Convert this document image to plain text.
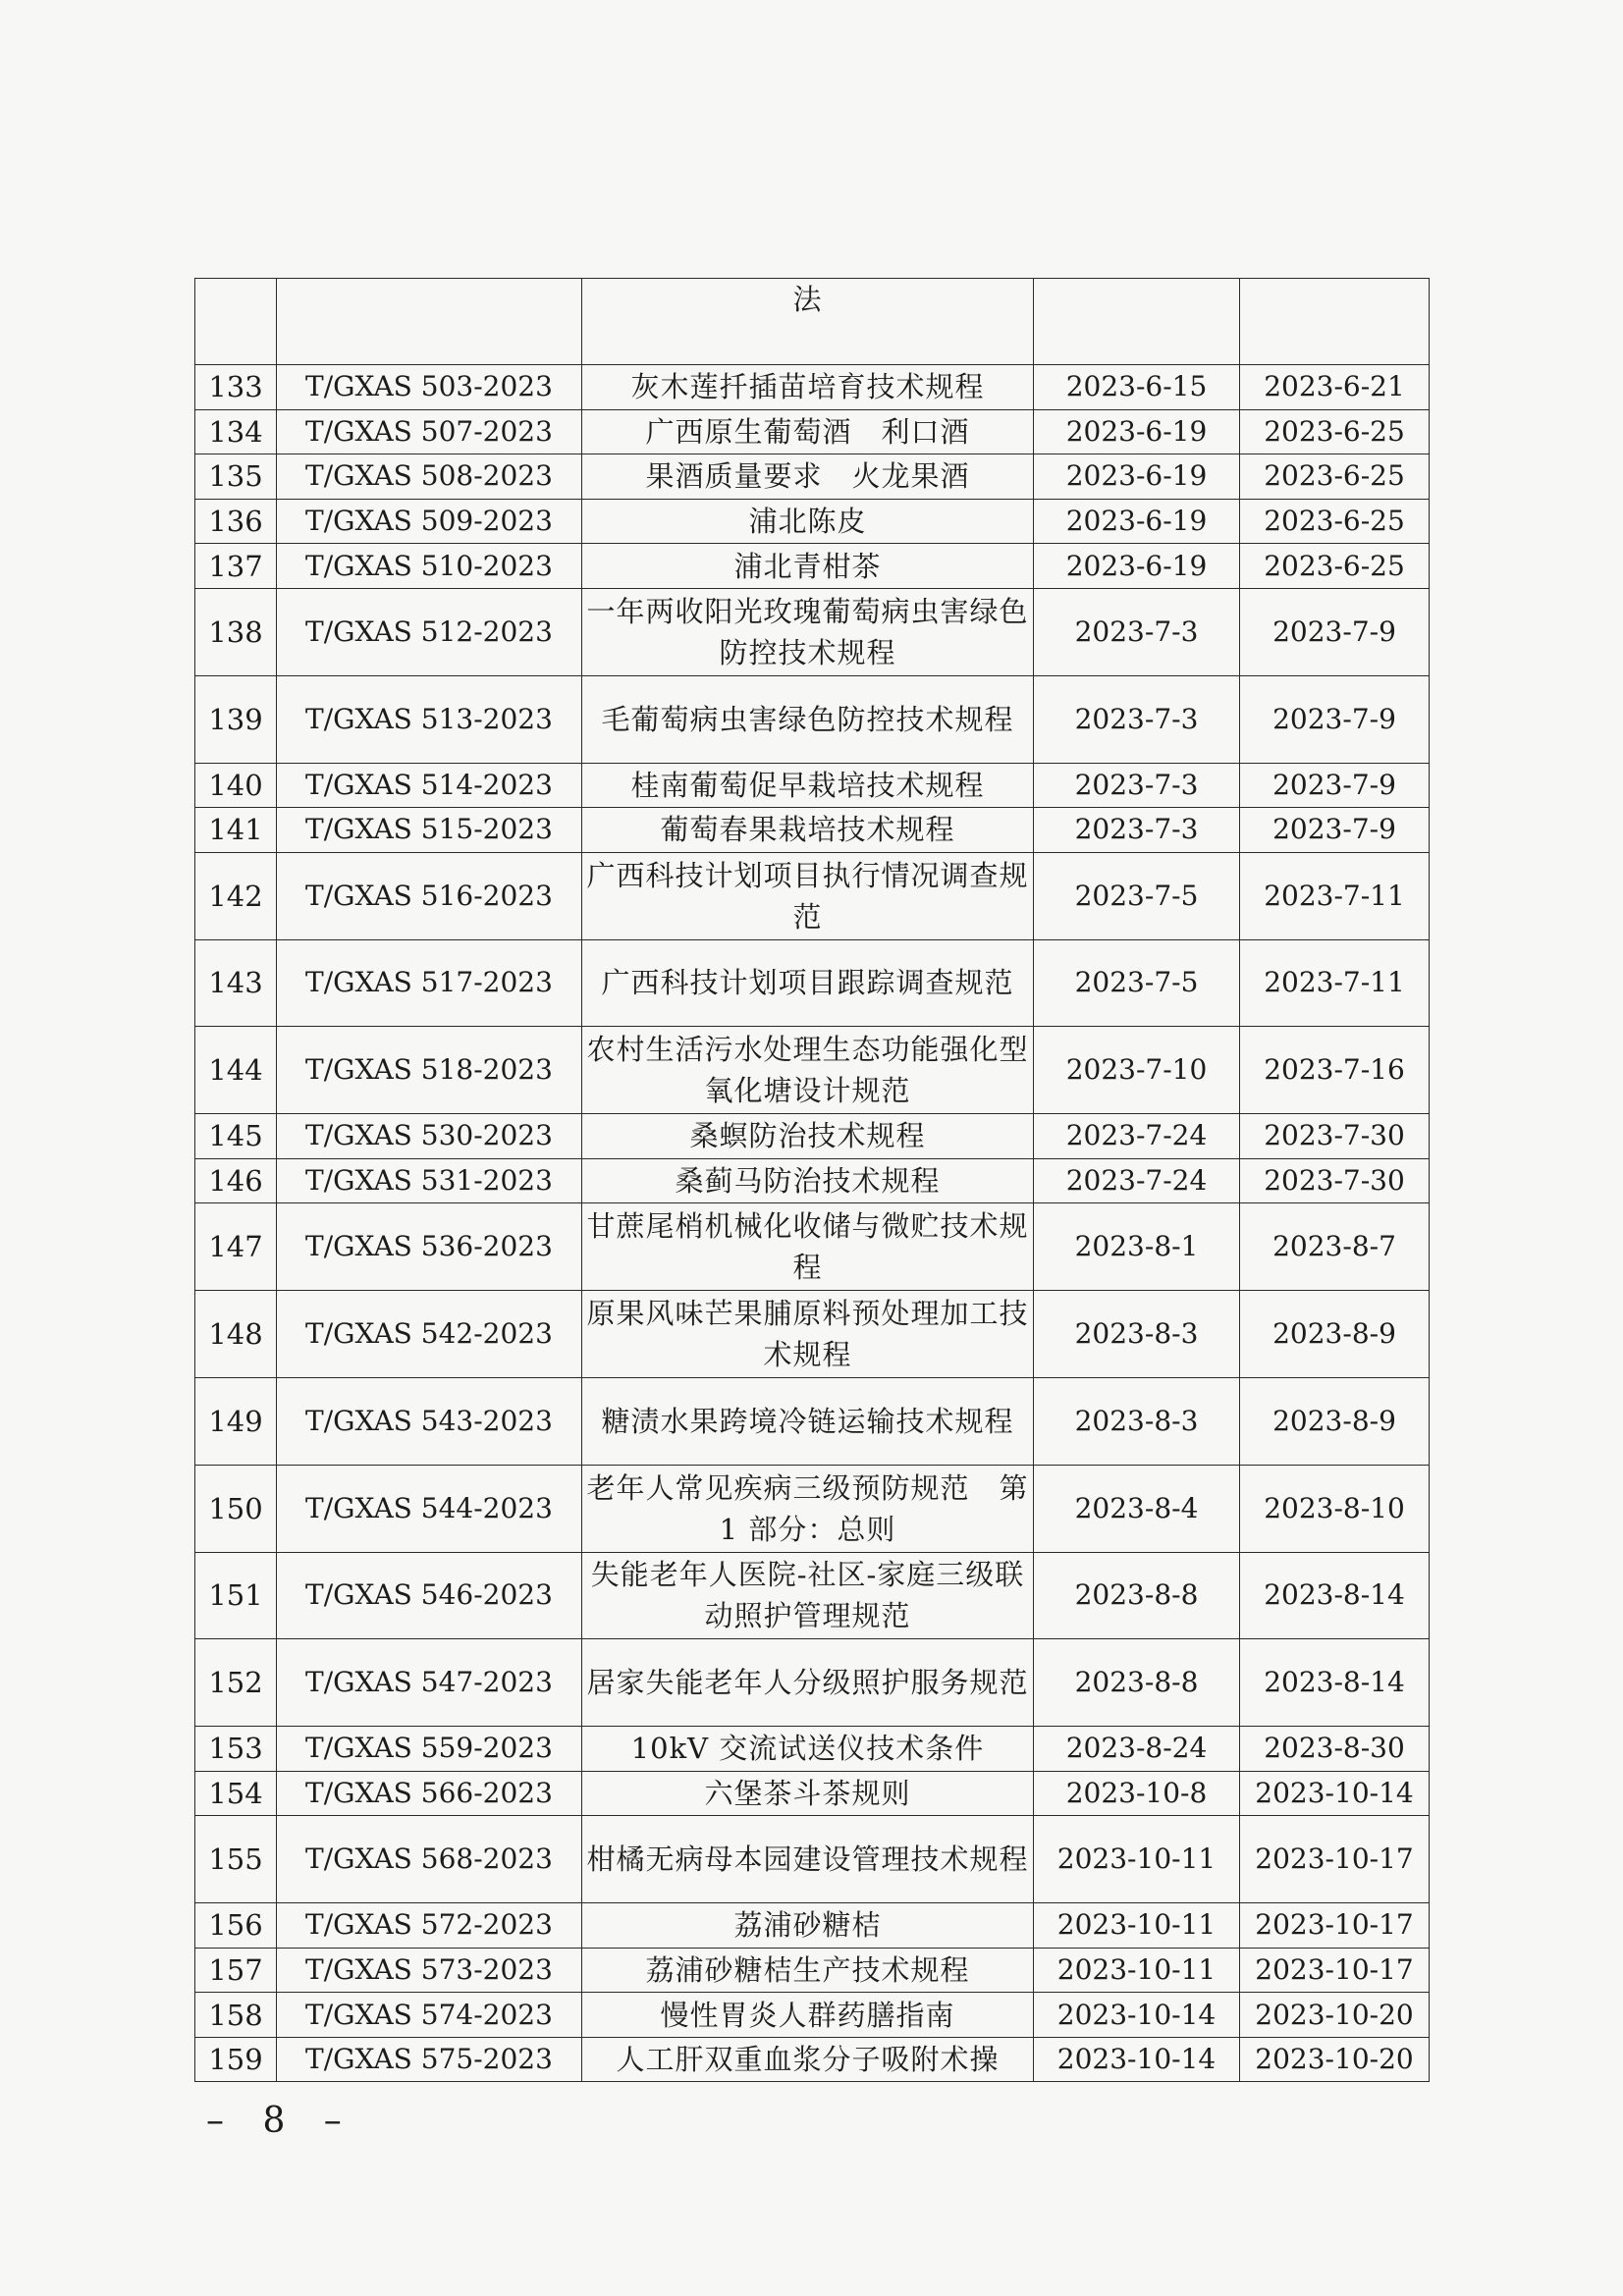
		法		
133	T/GXAS 503-2023	灰木莲扦插苗培育技术规程	2023-6-15	2023-6-21
134	T/GXAS 507-2023	广西原生葡萄酒　利口酒	2023-6-19	2023-6-25
135	T/GXAS 508-2023	果酒质量要求　火龙果酒	2023-6-19	2023-6-25
136	T/GXAS 509-2023	浦北陈皮	2023-6-19	2023-6-25
137	T/GXAS 510-2023	浦北青柑茶	2023-6-19	2023-6-25
138	T/GXAS 512-2023	一年两收阳光玫瑰葡萄病虫害绿色防控技术规程	2023-7-3	2023-7-9
139	T/GXAS 513-2023	毛葡萄病虫害绿色防控技术规程	2023-7-3	2023-7-9
140	T/GXAS 514-2023	桂南葡萄促早栽培技术规程	2023-7-3	2023-7-9
141	T/GXAS 515-2023	葡萄春果栽培技术规程	2023-7-3	2023-7-9
142	T/GXAS 516-2023	广西科技计划项目执行情况调查规范	2023-7-5	2023-7-11
143	T/GXAS 517-2023	广西科技计划项目跟踪调查规范	2023-7-5	2023-7-11
144	T/GXAS 518-2023	农村生活污水处理生态功能强化型氧化塘设计规范	2023-7-10	2023-7-16
145	T/GXAS 530-2023	桑螟防治技术规程	2023-7-24	2023-7-30
146	T/GXAS 531-2023	桑蓟马防治技术规程	2023-7-24	2023-7-30
147	T/GXAS 536-2023	甘蔗尾梢机械化收储与微贮技术规程	2023-8-1	2023-8-7
148	T/GXAS 542-2023	原果风味芒果脯原料预处理加工技术规程	2023-8-3	2023-8-9
149	T/GXAS 543-2023	糖渍水果跨境冷链运输技术规程	2023-8-3	2023-8-9
150	T/GXAS 544-2023	老年人常见疾病三级预防规范　第 1 部分：总则	2023-8-4	2023-8-10
151	T/GXAS 546-2023	失能老年人医院-社区-家庭三级联动照护管理规范	2023-8-8	2023-8-14
152	T/GXAS 547-2023	居家失能老年人分级照护服务规范	2023-8-8	2023-8-14
153	T/GXAS 559-2023	10kV 交流试送仪技术条件	2023-8-24	2023-8-30
154	T/GXAS 566-2023	六堡茶斗茶规则	2023-10-8	2023-10-14
155	T/GXAS 568-2023	柑橘无病母本园建设管理技术规程	2023-10-11	2023-10-17
156	T/GXAS 572-2023	荔浦砂糖桔	2023-10-11	2023-10-17
157	T/GXAS 573-2023	荔浦砂糖桔生产技术规程	2023-10-11	2023-10-17
158	T/GXAS 574-2023	慢性胃炎人群药膳指南	2023-10-14	2023-10-20
159	T/GXAS 575-2023	人工肝双重血浆分子吸附术操	2023-10-14	2023-10-20
– 8 –
